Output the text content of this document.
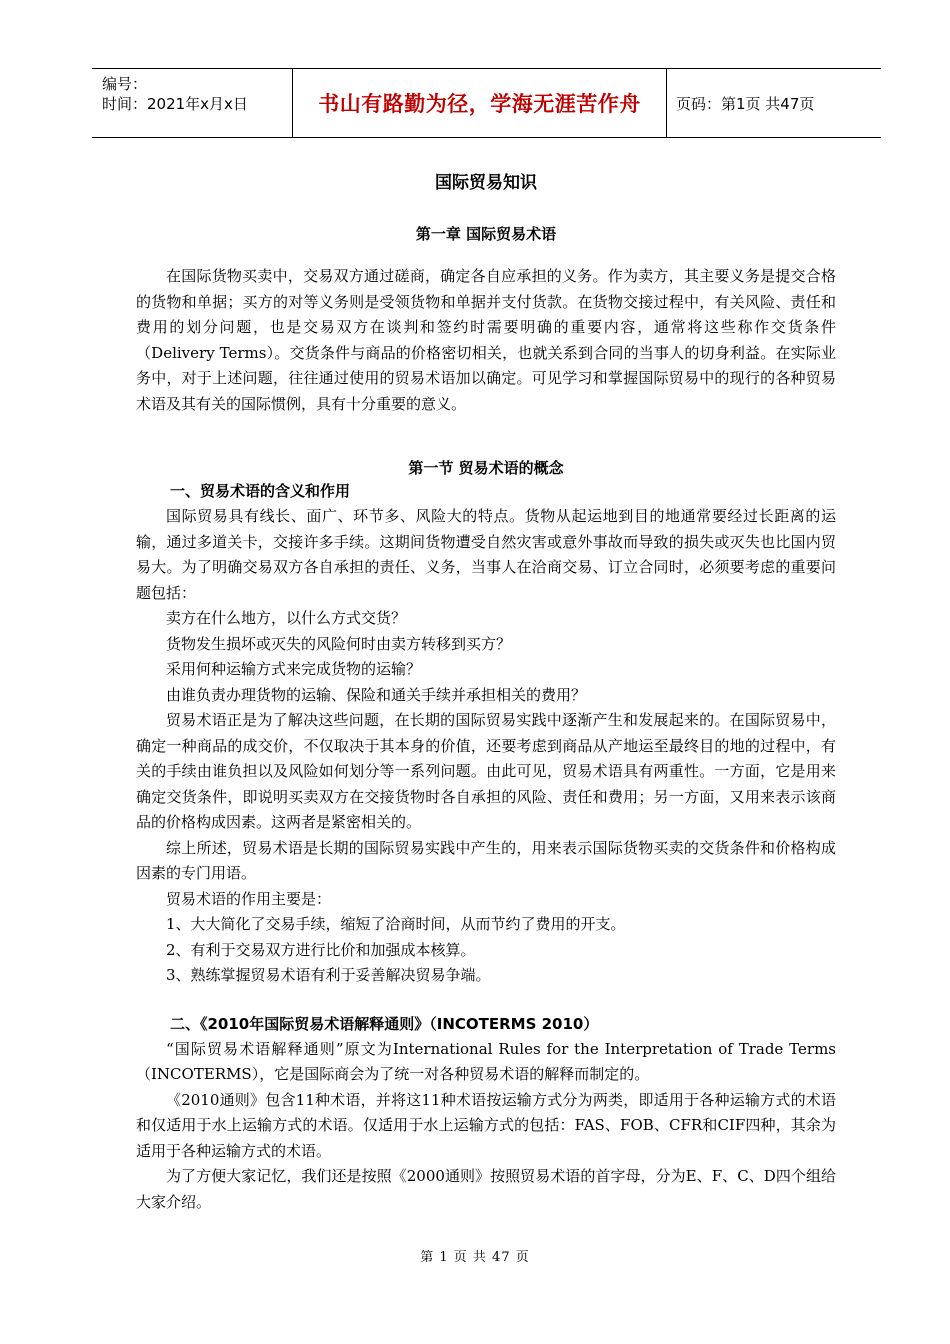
编号：
时间：2021年x月x日	书山有路勤为径，学海无涯苦作舟 页码：第1页 共47页
国际贸易知识
第一章 国际贸易术语

在国际货物买卖中，交易双方通过磋商，确定各自应承担的义务。作为卖方，其主要义务是提交合格的货物和单据；买方的对等义务则是受领货物和单据并支付货款。在货物交接过程中，有关风险、责任和费用的划分问题，也是交易双方在谈判和签约时需要明确的重要内容，通常将这些称作交货条件（Delivery Terms）。交货条件与商品的价格密切相关，也就关系到合同的当事人的切身利益。在实际业务中，对于上述问题，往往通过使用的贸易术语加以确定。可见学习和掌握国际贸易中的现行的各种贸易术语及其有关的国际惯例，具有十分重要的意义。

第一节 贸易术语的概念
一、贸易术语的含义和作用

国际贸易具有线长、面广、环节多、风险大的特点。货物从起运地到目的地通常要经过长距离的运输，通过多道关卡，交接许多手续。这期间货物遭受自然灾害或意外事故而导致的损失或灭失也比国内贸易大。为了明确交易双方各自承担的责任、义务，当事人在洽商交易、订立合同时，必须要考虑的重要问题包括：

卖方在什么地方，以什么方式交货？

货物发生损坏或灭失的风险何时由卖方转移到买方？

采用何种运输方式来完成货物的运输？

由谁负责办理货物的运输、保险和通关手续并承担相关的费用？

贸易术语正是为了解决这些问题，在长期的国际贸易实践中逐渐产生和发展起来的。在国际贸易中，确定一种商品的成交价，不仅取决于其本身的价值，还要考虑到商品从产地运至最终目的地的过程中，有关的手续由谁负担以及风险如何划分等一系列问题。由此可见，贸易术语具有两重性。一方面，它是用来确定交货条件，即说明买卖双方在交接货物时各自承担的风险、责任和费用；另一方面，又用来表示该商品的价格构成因素。这两者是紧密相关的。

综上所述，贸易术语是长期的国际贸易实践中产生的，用来表示国际货物买卖的交货条件和价格构成因素的专门用语。

贸易术语的作用主要是：

1、大大简化了交易手续，缩短了洽商时间，从而节约了费用的开支。

2、有利于交易双方进行比价和加强成本核算。

3、熟练掌握贸易术语有利于妥善解决贸易争端。

二、《2010年国际贸易术语解释通则》（INCOTERMS 2010）

“国际贸易术语解释通则”原文为International Rules for the Interpretation of Trade Terms（INCOTERMS），它是国际商会为了统一对各种贸易术语的解释而制定的。

《2010通则》包含11种术语，并将这11种术语按运输方式分为两类，即适用于各种运输方式的术语和仅适用于水上运输方式的术语。仅适用于水上运输方式的包括：FAS、FOB、CFR和CIF四种，其余为适用于各种运输方式的术语。

为了方便大家记忆，我们还是按照《2000通则》按照贸易术语的首字母，分为E、F、C、D四个组给大家介绍。

第 1 页 共 47 页
